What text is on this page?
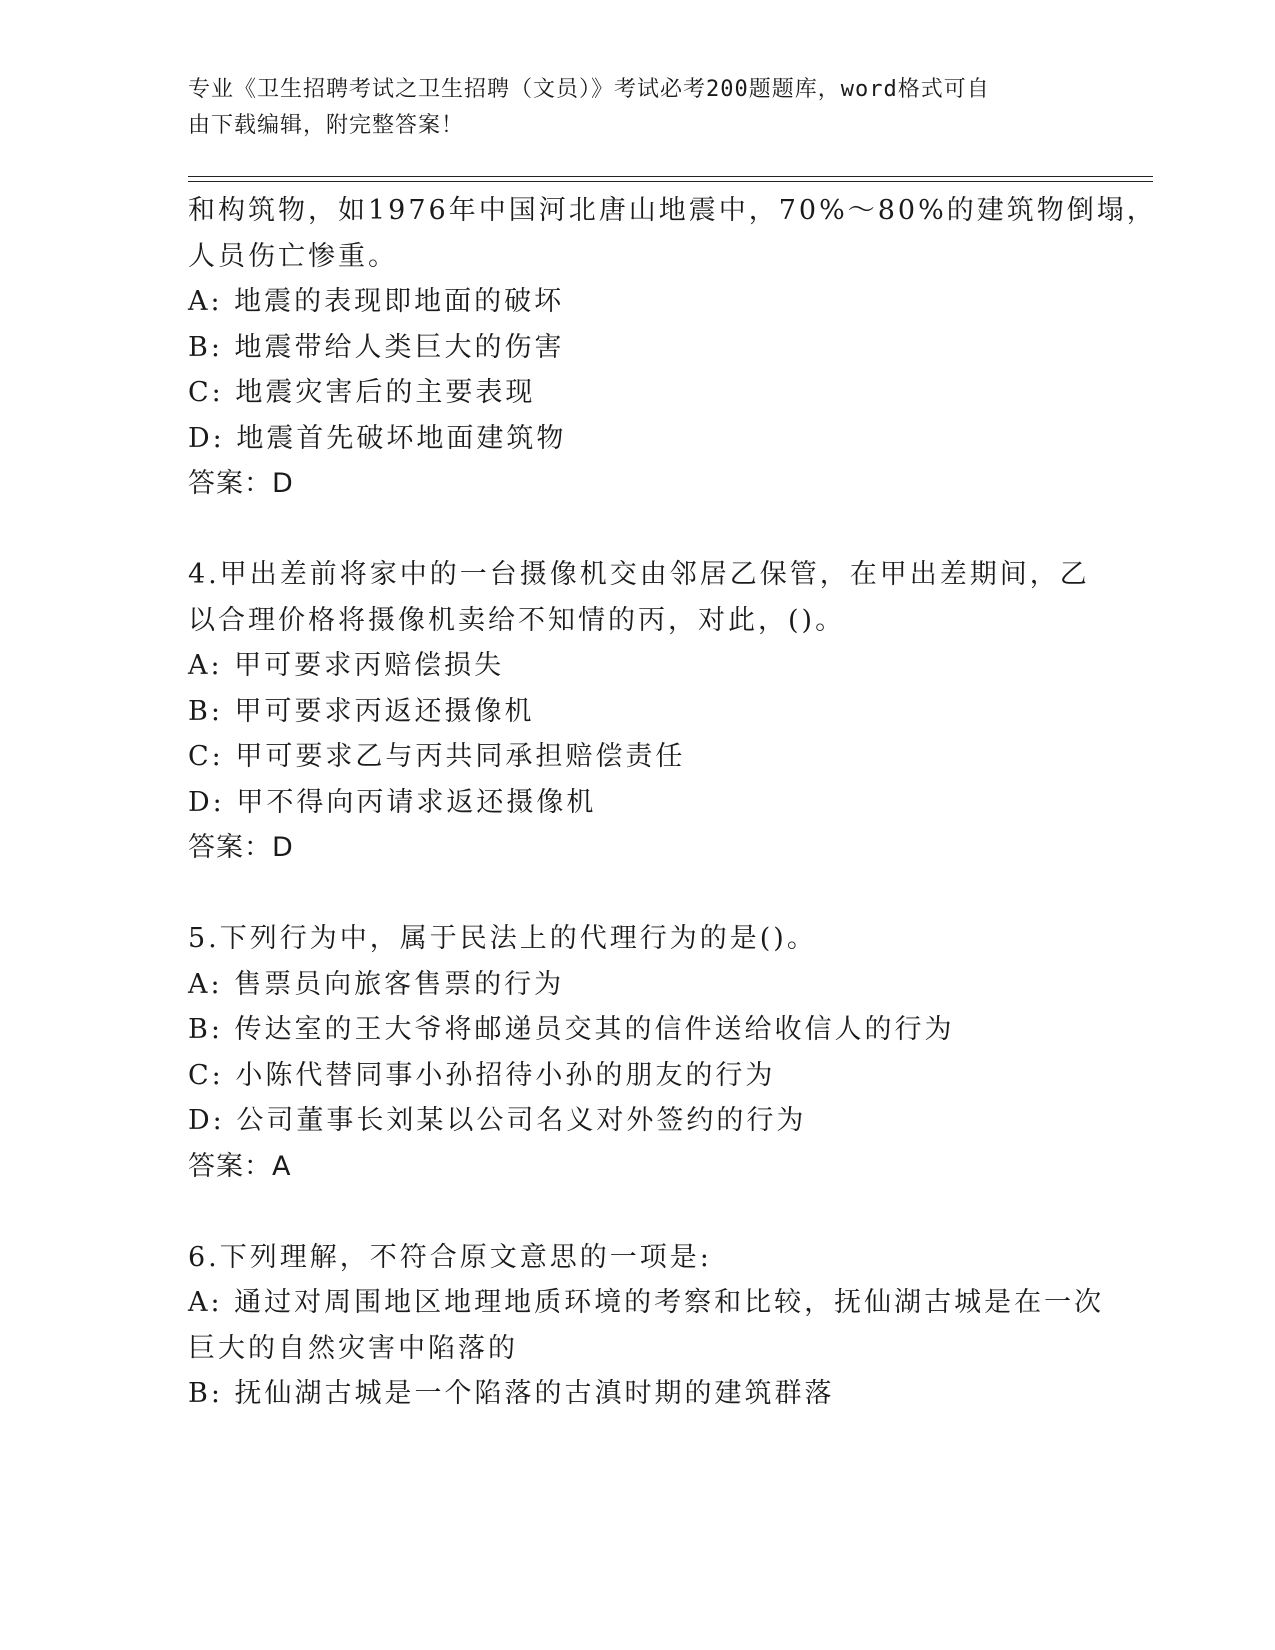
专业《卫生招聘考试之卫生招聘（文员）》考试必考200题题库，word格式可自
由下载编辑，附完整答案！
和构筑物，如1976年中国河北唐山地震中，70%～80%的建筑物倒塌，
人员伤亡惨重。
A: 地震的表现即地面的破坏
B: 地震带给人类巨大的伤害
C: 地震灾害后的主要表现
D: 地震首先破坏地面建筑物
答案：D
4.甲出差前将家中的一台摄像机交由邻居乙保管，在甲出差期间，乙
以合理价格将摄像机卖给不知情的丙，对此，()。
A: 甲可要求丙赔偿损失
B: 甲可要求丙返还摄像机
C: 甲可要求乙与丙共同承担赔偿责任
D: 甲不得向丙请求返还摄像机
答案：D
5.下列行为中，属于民法上的代理行为的是()。
A: 售票员向旅客售票的行为
B: 传达室的王大爷将邮递员交其的信件送给收信人的行为
C: 小陈代替同事小孙招待小孙的朋友的行为
D: 公司董事长刘某以公司名义对外签约的行为
答案：A
6.下列理解，不符合原文意思的一项是:
A: 通过对周围地区地理地质环境的考察和比较，抚仙湖古城是在一次
巨大的自然灾害中陷落的
B: 抚仙湖古城是一个陷落的古滇时期的建筑群落
